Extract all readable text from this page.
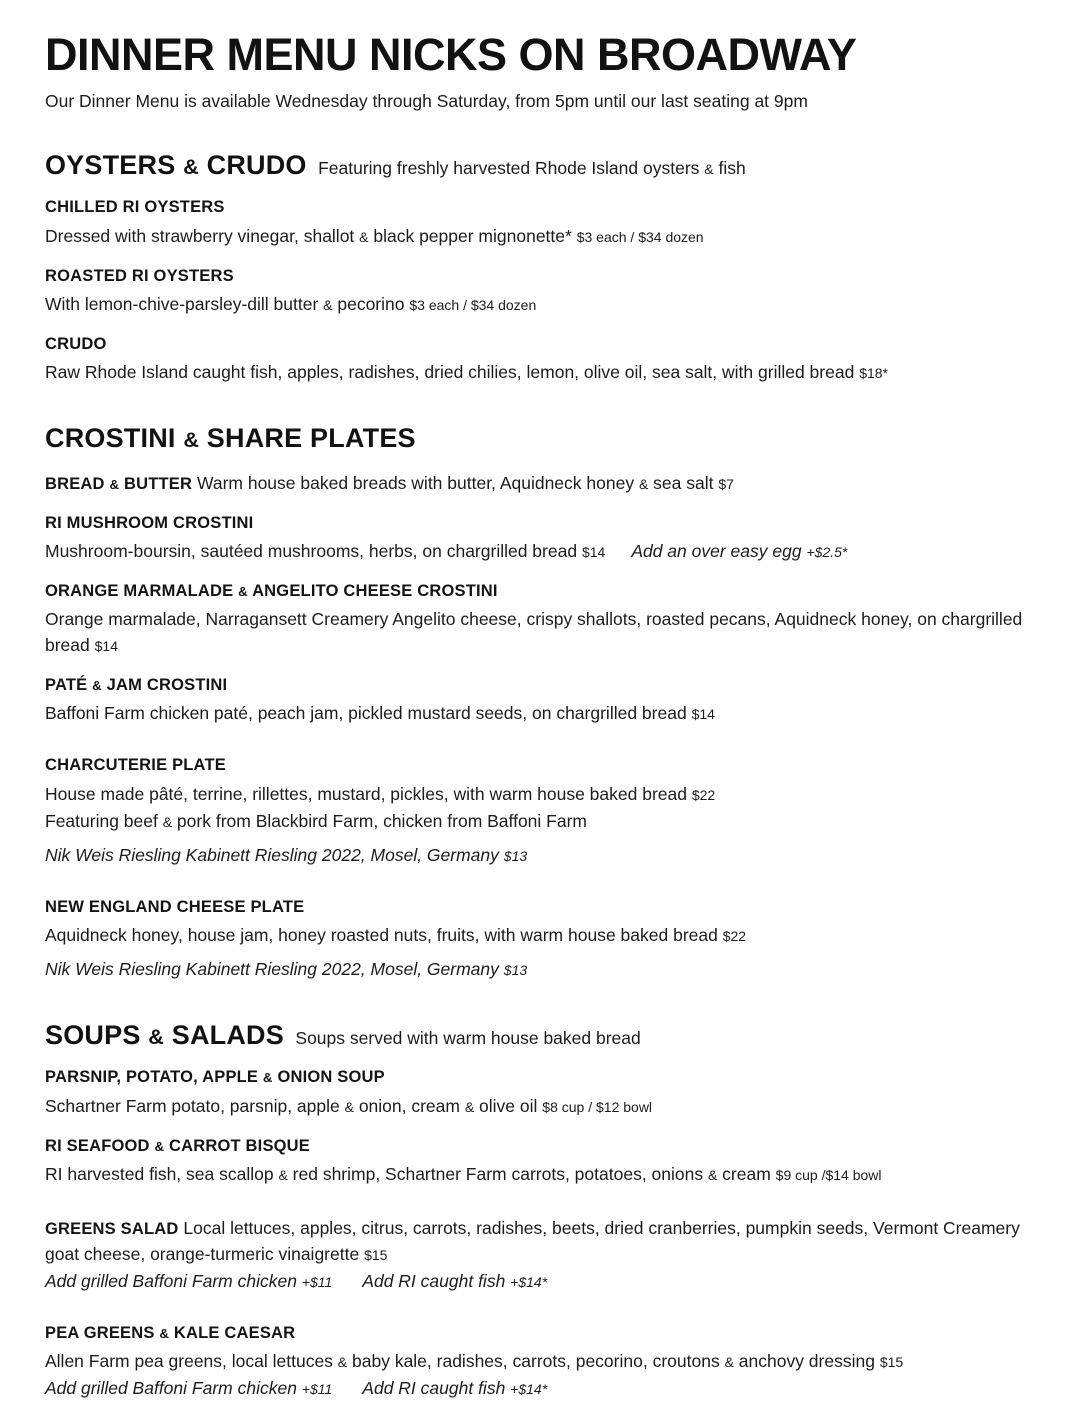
DINNER MENU NICKS ON BROADWAY

Our Dinner Menu is available Wednesday through Saturday, from 5pm until our last seating at 9pm

OYSTERS & CRUDO Featuring freshly harvested Rhode Island oysters & fish
CHILLED RI OYSTERS

Dressed with strawberry vinegar, shallot & black pepper mignonette* $3 each / $34 dozen

ROASTED RI OYSTERS

With lemon-chive-parsley-dill butter & pecorino $3 each / $34 dozen

CRUDO

Raw Rhode Island caught fish, apples, radishes, dried chilies, lemon, olive oil, sea salt, with grilled bread $18*

CROSTINI & SHARE PLATES

BREAD & BUTTER Warm house baked breads with butter, Aquidneck honey & sea salt $7

RI MUSHROOM CROSTINI

Mushroom-boursin, sautéed mushrooms, herbs, on chargrilled bread $14 Add an over easy egg +$2.5*

ORANGE MARMALADE & ANGELITO CHEESE CROSTINI

Orange marmalade, Narragansett Creamery Angelito cheese, crispy shallots, roasted pecans, Aquidneck honey, on chargrilled bread $14

PATÉ & JAM CROSTINI

Baffoni Farm chicken paté, peach jam, pickled mustard seeds, on chargrilled bread $14

CHARCUTERIE PLATE

House made pâté, terrine, rillettes, mustard, pickles, with warm house baked bread $22

Featuring beef & pork from Blackbird Farm, chicken from Baffoni Farm

Nik Weis Riesling Kabinett Riesling 2022, Mosel, Germany $13

NEW ENGLAND CHEESE PLATE

Aquidneck honey, house jam, honey roasted nuts, fruits, with warm house baked bread $22

Nik Weis Riesling Kabinett Riesling 2022, Mosel, Germany $13

SOUPS & SALADS Soups served with warm house baked bread
PARSNIP, POTATO, APPLE & ONION SOUP

Schartner Farm potato, parsnip, apple & onion, cream & olive oil $8 cup / $12 bowl

RI SEAFOOD & CARROT BISQUE

RI harvested fish, sea scallop & red shrimp, Schartner Farm carrots, potatoes, onions & cream $9 cup /$14 bowl

GREENS SALAD Local lettuces, apples, citrus, carrots, radishes, beets, dried cranberries, pumpkin seeds, Vermont Creamery goat cheese, orange-turmeric vinaigrette $15

Add grilled Baffoni Farm chicken +$11 Add RI caught fish +$14*

PEA GREENS & KALE CAESAR

Allen Farm pea greens, local lettuces & baby kale, radishes, carrots, pecorino, croutons & anchovy dressing $15

Add grilled Baffoni Farm chicken +$11 Add RI caught fish +$14*
